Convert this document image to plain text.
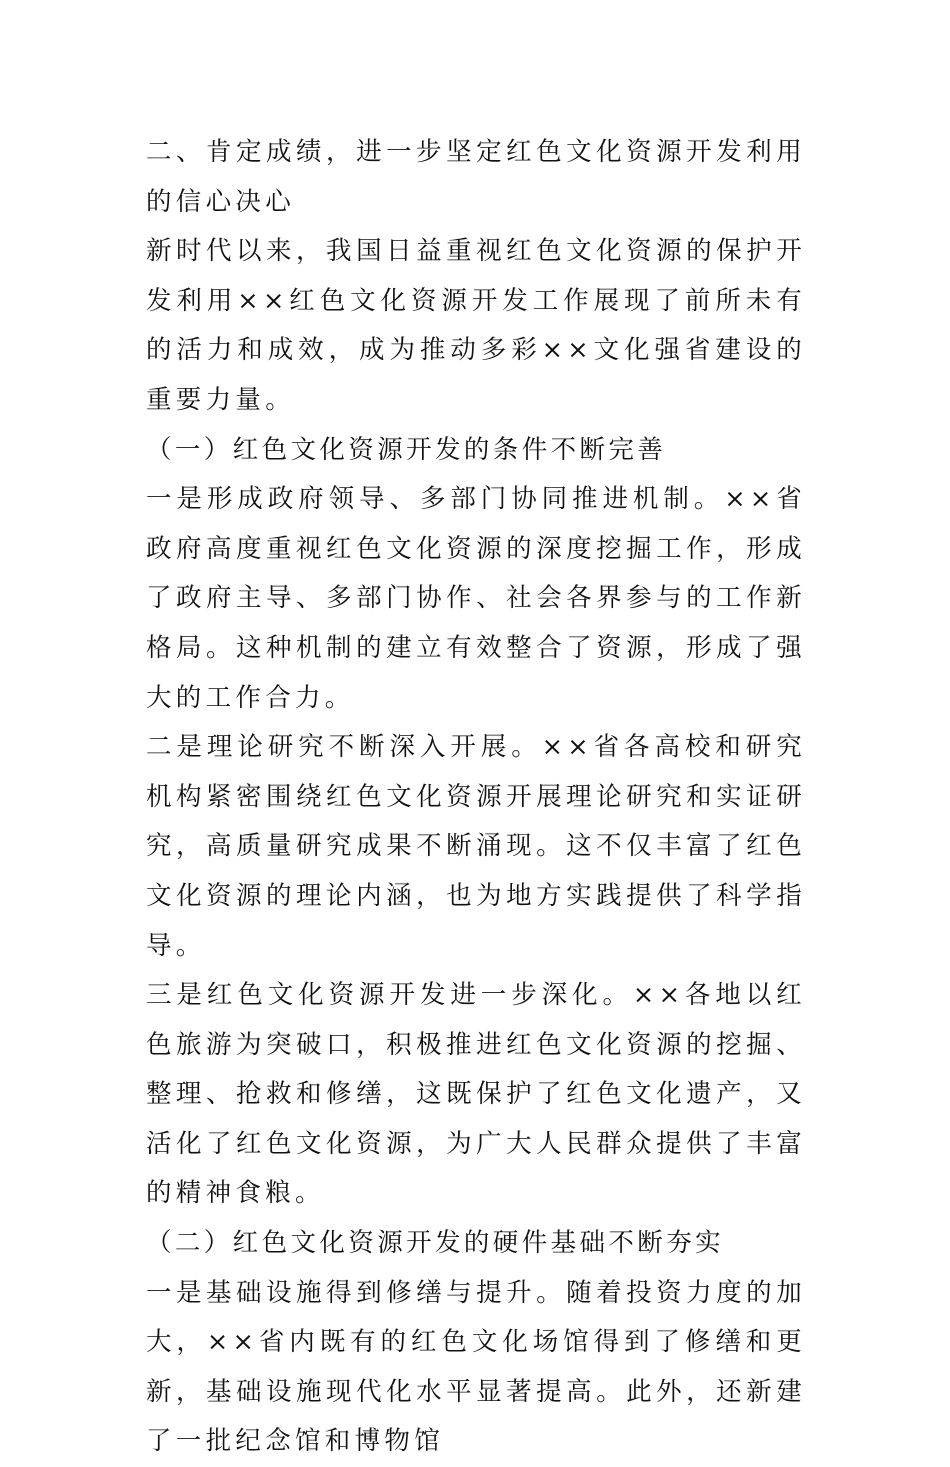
二、肯定成绩，进一步坚定红色文化资源开发利用的信心决心

新时代以来，我国日益重视红色文化资源的保护开发利用××红色文化资源开发工作展现了前所未有的活力和成效，成为推动多彩××文化强省建设的重要力量。

（一）红色文化资源开发的条件不断完善

一是形成政府领导、多部门协同推进机制。××省政府高度重视红色文化资源的深度挖掘工作，形成了政府主导、多部门协作、社会各界参与的工作新格局。这种机制的建立有效整合了资源，形成了强大的工作合力。

二是理论研究不断深入开展。××省各高校和研究机构紧密围绕红色文化资源开展理论研究和实证研究，高质量研究成果不断涌现。这不仅丰富了红色文化资源的理论内涵，也为地方实践提供了科学指导。

三是红色文化资源开发进一步深化。××各地以红色旅游为突破口，积极推进红色文化资源的挖掘、整理、抢救和修缮，这既保护了红色文化遗产，又活化了红色文化资源，为广大人民群众提供了丰富的精神食粮。

（二）红色文化资源开发的硬件基础不断夯实

一是基础设施得到修缮与提升。随着投资力度的加大，××省内既有的红色文化场馆得到了修缮和更新，基础设施现代化水平显著提高。此外，还新建了一批纪念馆和博物馆
